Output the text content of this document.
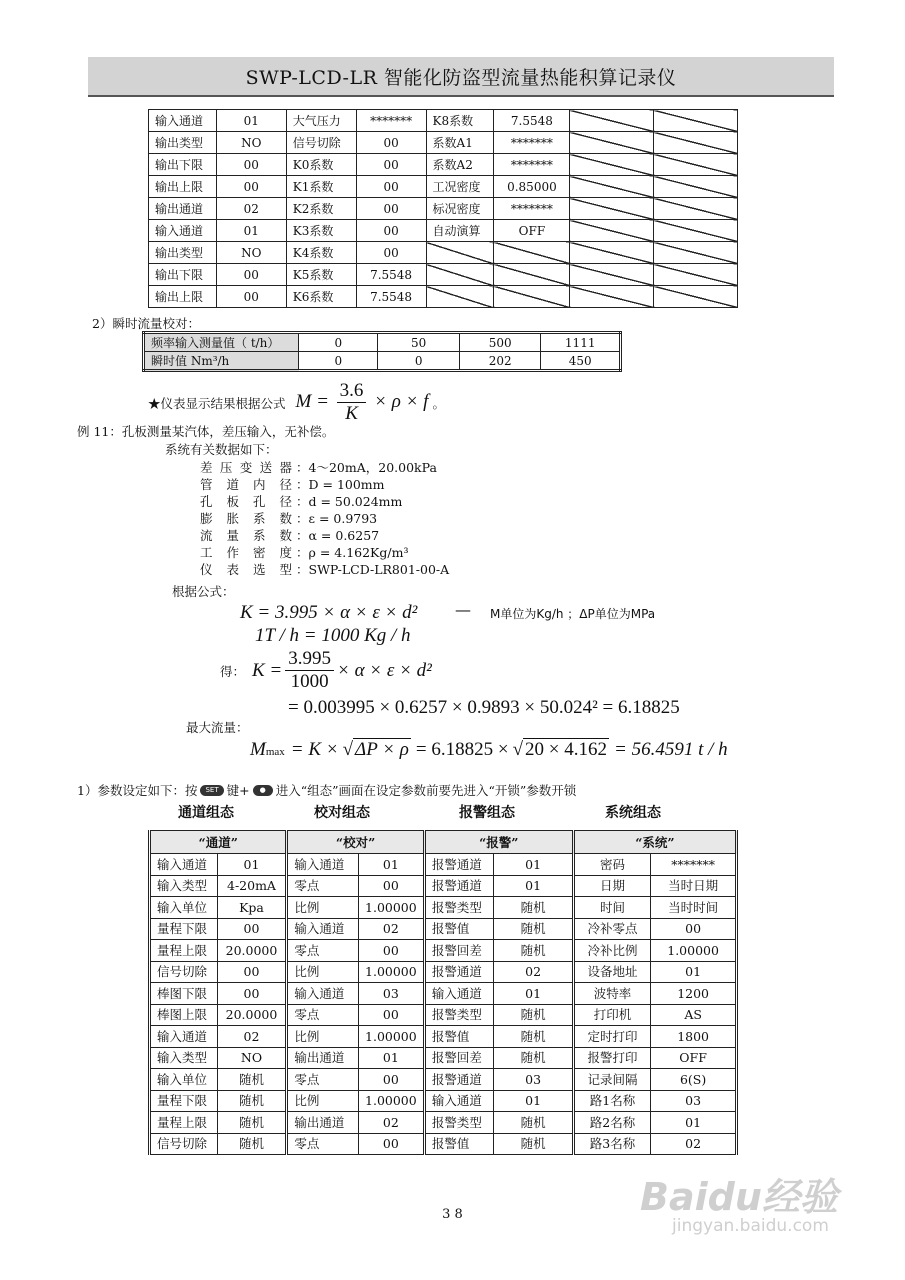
SWP-LCD-LR 智能化防盗型流量热能积算记录仪
输入通道	01	大气压力	*******	K8系数	7.5548		
输出类型	NO	信号切除	00	系数A1	*******		
输出下限	00	K0系数	00	系数A2	*******		
输出上限	00	K1系数	00	工况密度	0.85000		
输出通道	02	K2系数	00	标况密度	*******		
输入通道	01	K3系数	00	自动演算	OFF		
输出类型	NO	K4系数	00				
输出下限	00	K5系数	7.5548				
输出上限	00	K6系数	7.5548				
2）瞬时流量校对：
频率输入测量值（ t/h）	0	50	500	1111
瞬时值 Nm³/h	0	0	202	450
★仪表显示结果根据公式 $M = \frac{3.6}{K} \times \rho \times f$ 。
例 11：孔板测量某汽体，差压输入，无补偿。
系统有关数据如下：
差压变送器 ：4～20mA，20.00kPa
管道内径 ：D = 100mm
孔板孔径 ：d = 50.024mm
膨胀系数 ：ε = 0.9793
流量系数 ：α = 0.6257
工作密度 ：ρ = 4.162Kg/m³
仪表选型 ：SWP-LCD-LR801-00-A
根据公式：
K = 3.995 × α × ε × d² — M单位为Kg/h ；ΔP单位为MPa
1T / h = 1000 Kg / h
得： $K = \frac{3.995}{1000} \times \alpha \times \varepsilon \times d^2$
= 0.003995 × 0.6257 × 0.9893 × 50.024² = 6.18825
最大流量：
M max = K × √ ΔP × ρ = 6.18825 × √ 20 × 4.162 = 56.4591 t / h
1）参数设定如下：按	SET 键+	● 进入“组态”画面在设定参数前要先进入“开锁”参数开锁
通道组态	校对组态	报警组态	系统组态
“通道”		“校对”		“报警”		“系统”	
输入通道	01	输入通道	01	报警通道	01	密码	*******
输入类型	4-20mA	零点	00	报警通道	01	日期	当时日期
输入单位	Kpa	比例	1.00000	报警类型	随机	时间	当时时间
量程下限	00	输入通道	02	报警值	随机	冷补零点	00
量程上限	20.0000	零点	00	报警回差	随机	冷补比例	1.00000
信号切除	00	比例	1.00000	报警通道	02	设备地址	01
棒图下限	00	输入通道	03	输入通道	01	波特率	1200
棒图上限	20.0000	零点	00	报警类型	随机	打印机	AS
输入通道	02	比例	1.00000	报警值	随机	定时打印	1800
输入类型	NO	输出通道	01	报警回差	随机	报警打印	OFF
输入单位	随机	零点	00	报警通道	03	记录间隔	6(S)
量程下限	随机	比例	1.00000	输入通道	01	路1名称	03
量程上限	随机	输出通道	02	报警类型	随机	路2名称	01
信号切除	随机	零点	00	报警值	随机	路3名称	02
3 8	Baidu经验
jingyan.baidu.com
